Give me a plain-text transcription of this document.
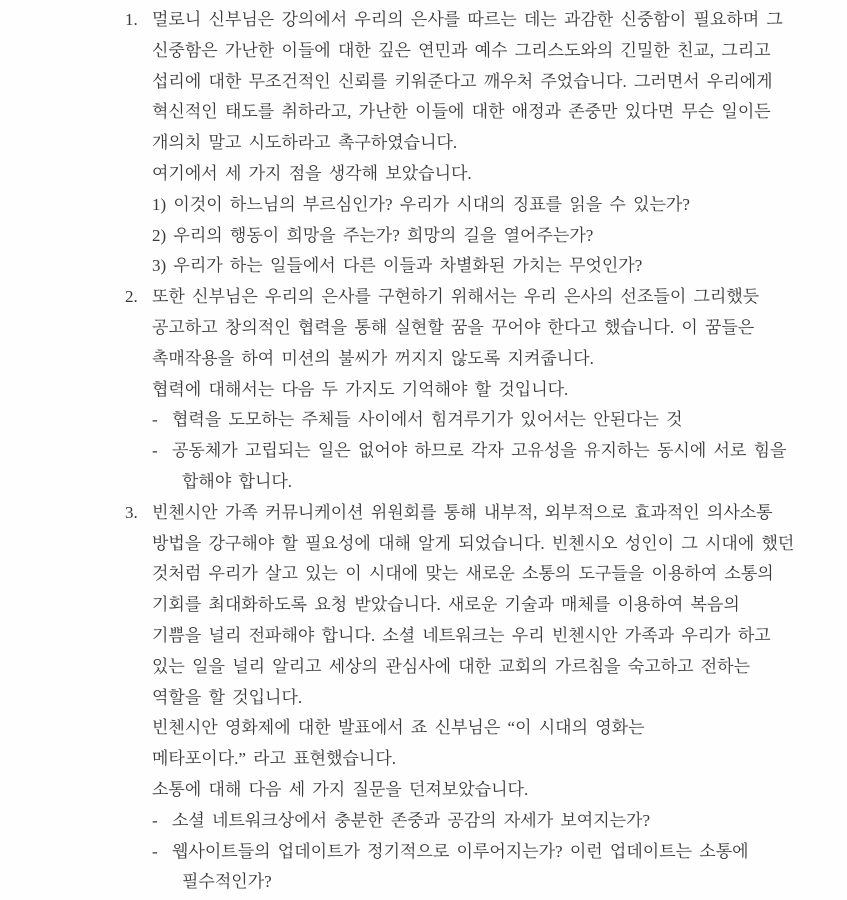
1. 멀로니 신부님은 강의에서 우리의 은사를 따르는 데는 과감한 신중함이 필요하며 그
신중함은 가난한 이들에 대한 깊은 연민과 예수 그리스도와의 긴밀한 친교, 그리고
섭리에 대한 무조건적인 신뢰를 키워준다고 깨우처 주었습니다. 그러면서 우리에게
혁신적인 태도를 취하라고, 가난한 이들에 대한 애정과 존중만 있다면 무슨 일이든
개의치 말고 시도하라고 촉구하였습니다.
여기에서 세 가지 점을 생각해 보았습니다.
1) 이것이 하느님의 부르심인가? 우리가 시대의 징표를 읽을 수 있는가?
2) 우리의 행동이 희망을 주는가? 희망의 길을 열어주는가?
3) 우리가 하는 일들에서 다른 이들과 차별화된 가치는 무엇인가?
2. 또한 신부님은 우리의 은사를 구현하기 위해서는 우리 은사의 선조들이 그리했듯
공고하고 창의적인 협력을 통해 실현할 꿈을 꾸어야 한다고 했습니다. 이 꿈들은
촉매작용을 하여 미션의 불씨가 꺼지지 않도록 지켜줍니다.
협력에 대해서는 다음 두 가지도 기억해야 할 것입니다.
- 협력을 도모하는 주체들 사이에서 힘겨루기가 있어서는 안된다는 것
- 공동체가 고립되는 일은 없어야 하므로 각자 고유성을 유지하는 동시에 서로 힘을
합해야 합니다.
3. 빈첸시안 가족 커뮤니케이션 위원회를 통해 내부적, 외부적으로 효과적인 의사소통
방법을 강구해야 할 필요성에 대해 알게 되었습니다. 빈첸시오 성인이 그 시대에 했던
것처럼 우리가 살고 있는 이 시대에 맞는 새로운 소통의 도구들을 이용하여 소통의
기회를 최대화하도록 요청 받았습니다. 새로운 기술과 매체를 이용하여 복음의
기쁨을 널리 전파해야 합니다. 소셜 네트워크는 우리 빈첸시안 가족과 우리가 하고
있는 일을 널리 알리고 세상의 관심사에 대한 교회의 가르침을 숙고하고 전하는
역할을 할 것입니다.
빈첸시안 영화제에 대한 발표에서 죠 신부님은 “이 시대의 영화는
메타포이다.” 라고 표현했습니다.
소통에 대해 다음 세 가지 질문을 던져보았습니다.
- 소셜 네트워크상에서 충분한 존중과 공감의 자세가 보여지는가?
- 웹사이트들의 업데이트가 정기적으로 이루어지는가? 이런 업데이트는 소통에
필수적인가?
